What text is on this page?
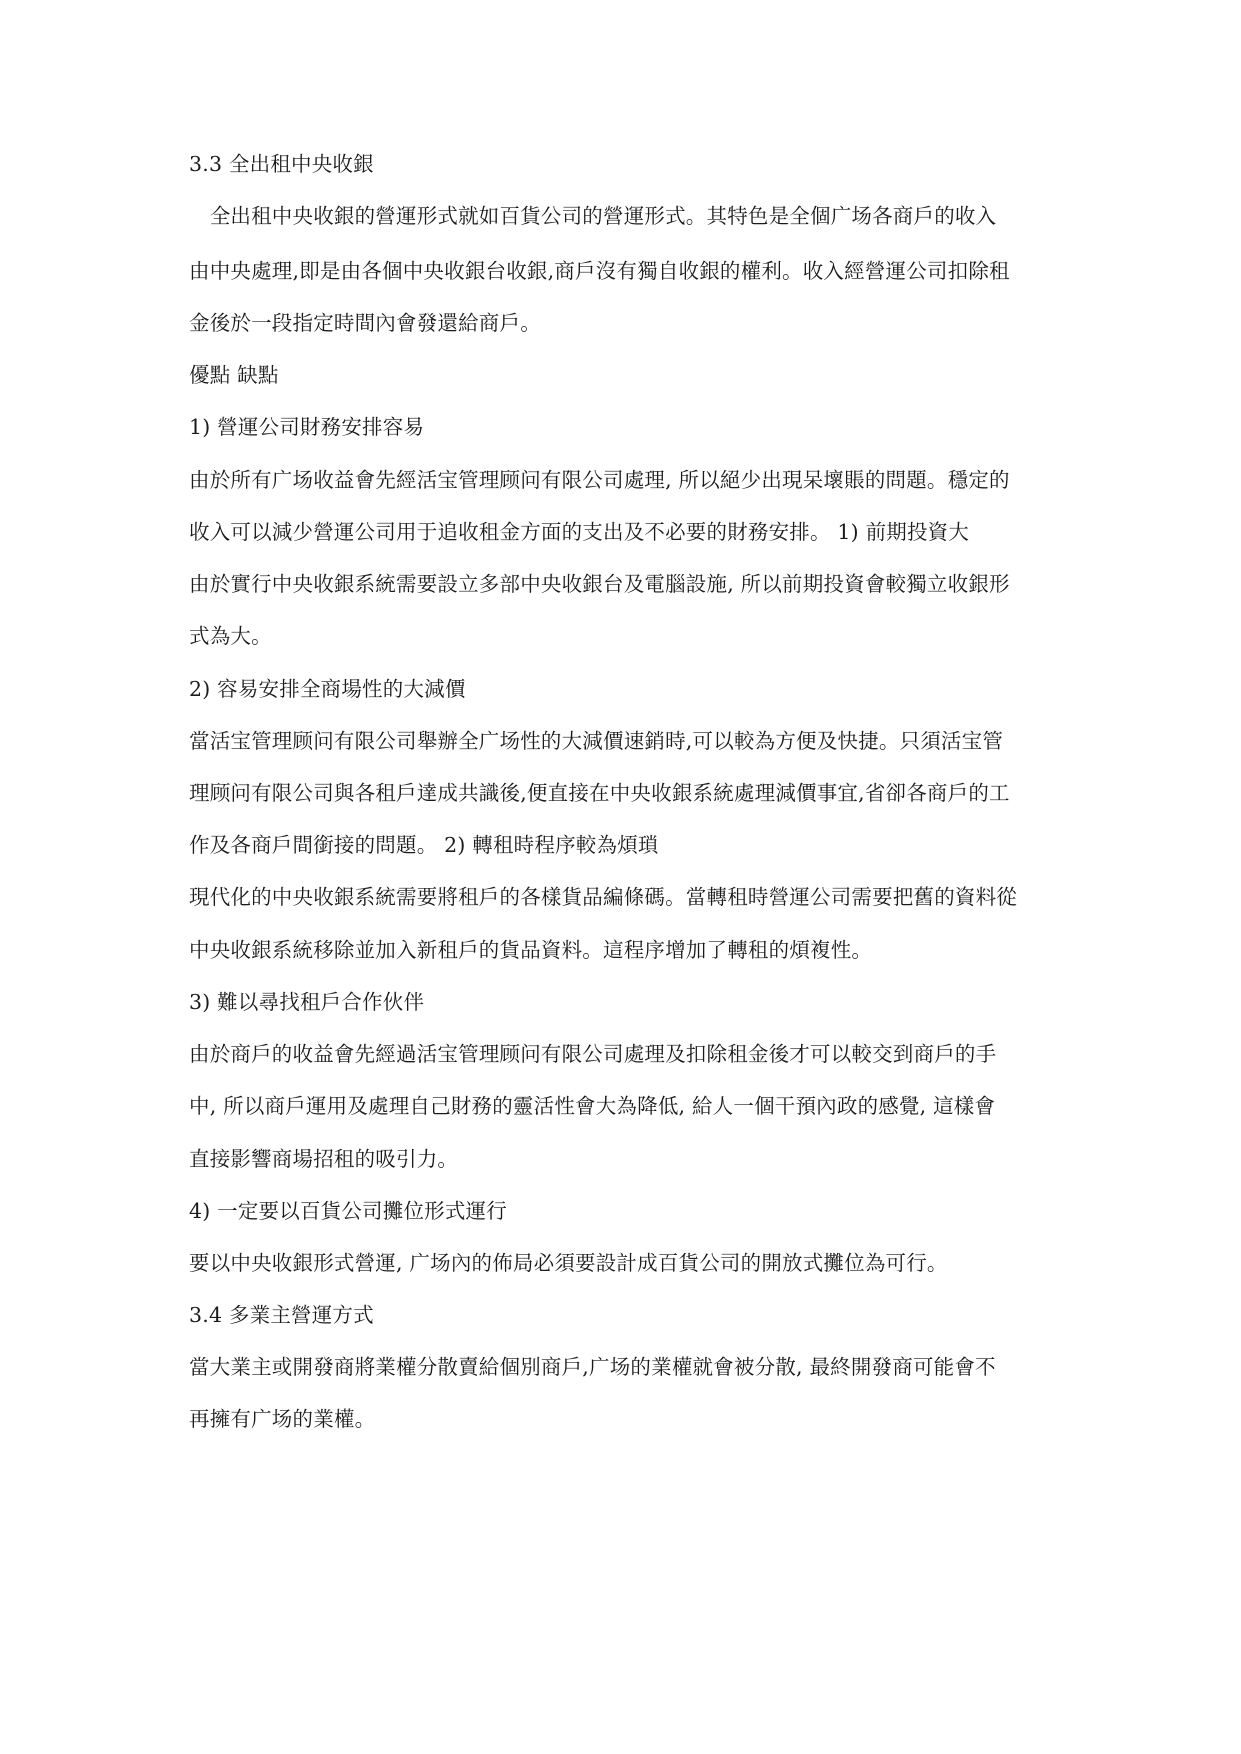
3.3 全出租中央收銀
　全出租中央收銀的營運形式就如百貨公司的營運形式。其特色是全個广场各商戶的收入
由中央處理,即是由各個中央收銀台收銀,商戶沒有獨自收銀的權利。收入經營運公司扣除租
金後於一段指定時間內會發還給商戶。
優點 缺點
1) 營運公司財務安排容易
由於所有广场收益會先經活宝管理顾问有限公司處理, 所以絕少出現呆壞賬的問題。穩定的
收入可以減少營運公司用于追收租金方面的支出及不必要的財務安排。 1) 前期投資大
由於實行中央收銀系統需要設立多部中央收銀台及電腦設施, 所以前期投資會較獨立收銀形
式為大。
2) 容易安排全商場性的大減價
當活宝管理顾问有限公司舉辦全广场性的大減價速銷時,可以較為方便及快捷。只須活宝管
理顾问有限公司與各租戶達成共識後,便直接在中央收銀系統處理減價事宜,省卻各商戶的工
作及各商戶間銜接的問題。 2) 轉租時程序較為煩瑣
現代化的中央收銀系統需要將租戶的各樣貨品編條碼。當轉租時營運公司需要把舊的資料從
中央收銀系統移除並加入新租戶的貨品資料。這程序增加了轉租的煩複性。
3) 難以尋找租戶合作伙伴
由於商戶的收益會先經過活宝管理顾问有限公司處理及扣除租金後才可以較交到商戶的手
中, 所以商戶運用及處理自己財務的靈活性會大為降低, 給人一個干預內政的感覺, 這樣會
直接影響商場招租的吸引力。
4) 一定要以百貨公司攤位形式運行
要以中央收銀形式營運, 广场內的佈局必須要設計成百貨公司的開放式攤位為可行。
3.4 多業主營運方式
當大業主或開發商將業權分散賣給個別商戶,广场的業權就會被分散, 最終開發商可能會不
再擁有广场的業權。
